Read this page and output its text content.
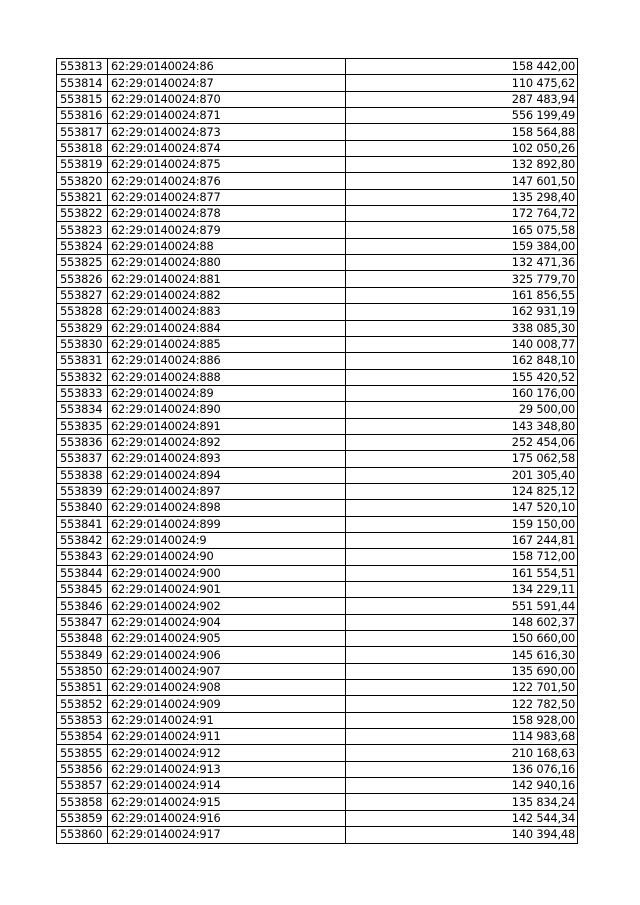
553813	62:29:0140024:86	158 442,00
553814	62:29:0140024:87	110 475,62
553815	62:29:0140024:870	287 483,94
553816	62:29:0140024:871	556 199,49
553817	62:29:0140024:873	158 564,88
553818	62:29:0140024:874	102 050,26
553819	62:29:0140024:875	132 892,80
553820	62:29:0140024:876	147 601,50
553821	62:29:0140024:877	135 298,40
553822	62:29:0140024:878	172 764,72
553823	62:29:0140024:879	165 075,58
553824	62:29:0140024:88	159 384,00
553825	62:29:0140024:880	132 471,36
553826	62:29:0140024:881	325 779,70
553827	62:29:0140024:882	161 856,55
553828	62:29:0140024:883	162 931,19
553829	62:29:0140024:884	338 085,30
553830	62:29:0140024:885	140 008,77
553831	62:29:0140024:886	162 848,10
553832	62:29:0140024:888	155 420,52
553833	62:29:0140024:89	160 176,00
553834	62:29:0140024:890	29 500,00
553835	62:29:0140024:891	143 348,80
553836	62:29:0140024:892	252 454,06
553837	62:29:0140024:893	175 062,58
553838	62:29:0140024:894	201 305,40
553839	62:29:0140024:897	124 825,12
553840	62:29:0140024:898	147 520,10
553841	62:29:0140024:899	159 150,00
553842	62:29:0140024:9	167 244,81
553843	62:29:0140024:90	158 712,00
553844	62:29:0140024:900	161 554,51
553845	62:29:0140024:901	134 229,11
553846	62:29:0140024:902	551 591,44
553847	62:29:0140024:904	148 602,37
553848	62:29:0140024:905	150 660,00
553849	62:29:0140024:906	145 616,30
553850	62:29:0140024:907	135 690,00
553851	62:29:0140024:908	122 701,50
553852	62:29:0140024:909	122 782,50
553853	62:29:0140024:91	158 928,00
553854	62:29:0140024:911	114 983,68
553855	62:29:0140024:912	210 168,63
553856	62:29:0140024:913	136 076,16
553857	62:29:0140024:914	142 940,16
553858	62:29:0140024:915	135 834,24
553859	62:29:0140024:916	142 544,34
553860	62:29:0140024:917	140 394,48
